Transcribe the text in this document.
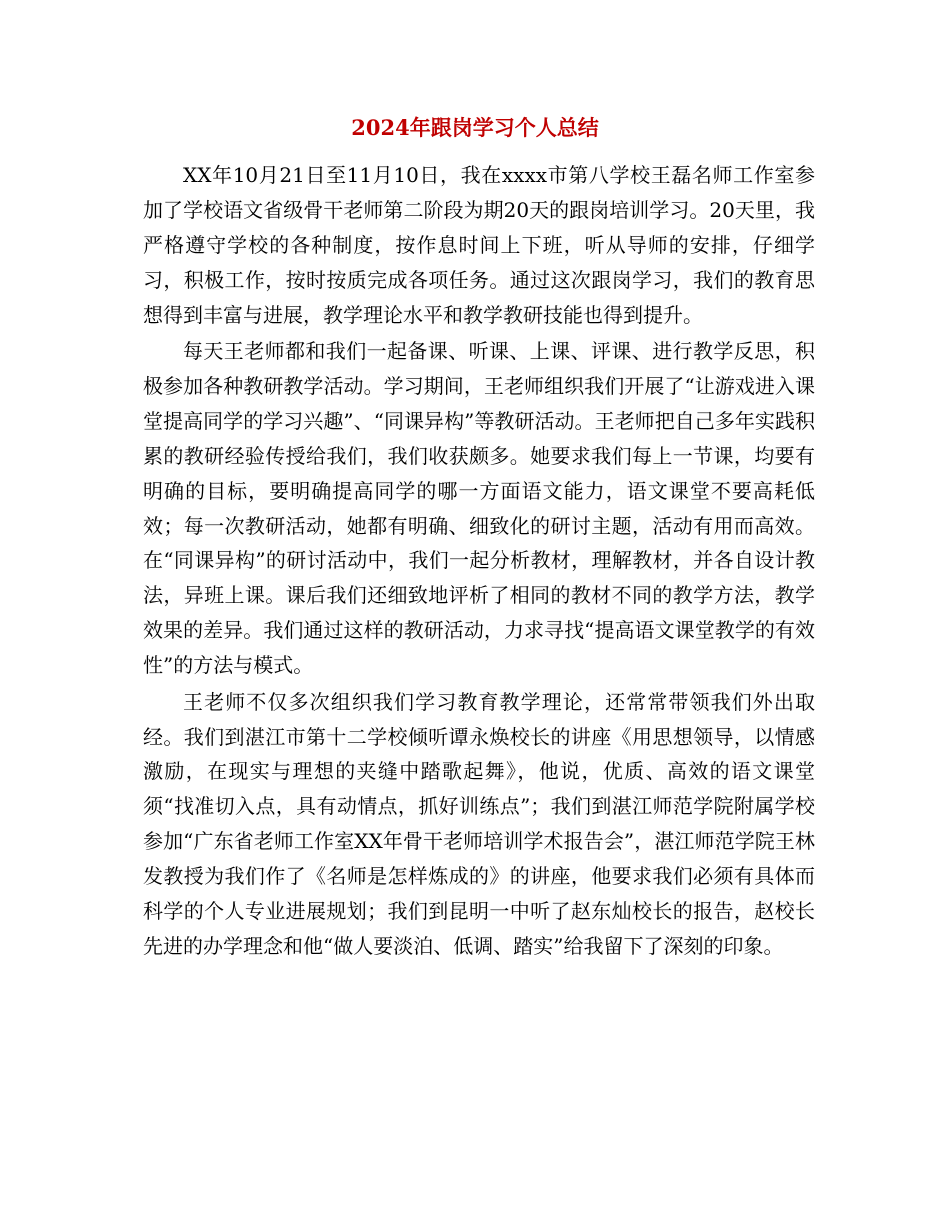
2024年跟岗学习个人总结

XX年10月21日至11月10日，我在xxxx市第八学校王磊名师工作室参加了学校语文省级骨干老师第二阶段为期20天的跟岗培训学习。20天里，我严格遵守学校的各种制度，按作息时间上下班，听从导师的安排，仔细学习，积极工作，按时按质完成各项任务。通过这次跟岗学习，我们的教育思想得到丰富与进展，教学理论水平和教学教研技能也得到提升。

每天王老师都和我们一起备课、听课、上课、评课、进行教学反思，积极参加各种教研教学活动。学习期间，王老师组织我们开展了“让游戏进入课堂提高同学的学习兴趣”、“同课异构”等教研活动。王老师把自己多年实践积累的教研经验传授给我们，我们收获颇多。她要求我们每上一节课，均要有明确的目标，要明确提高同学的哪一方面语文能力，语文课堂不要高耗低效；每一次教研活动，她都有明确、细致化的研讨主题，活动有用而高效。在“同课异构”的研讨活动中，我们一起分析教材，理解教材，并各自设计教法，异班上课。课后我们还细致地评析了相同的教材不同的教学方法，教学效果的差异。我们通过这样的教研活动，力求寻找“提高语文课堂教学的有效性”的方法与模式。

王老师不仅多次组织我们学习教育教学理论，还常常带领我们外出取经。我们到湛江市第十二学校倾听谭永焕校长的讲座《用思想领导，以情感激励，在现实与理想的夹缝中踏歌起舞》，他说，优质、高效的语文课堂须“找准切入点，具有动情点，抓好训练点”；我们到湛江师范学院附属学校参加“广东省老师工作室XX年骨干老师培训学术报告会”，湛江师范学院王林发教授为我们作了《名师是怎样炼成的》的讲座，他要求我们必须有具体而科学的个人专业进展规划；我们到昆明一中听了赵东灿校长的报告，赵校长先进的办学理念和他“做人要淡泊、低调、踏实”给我留下了深刻的印象。
